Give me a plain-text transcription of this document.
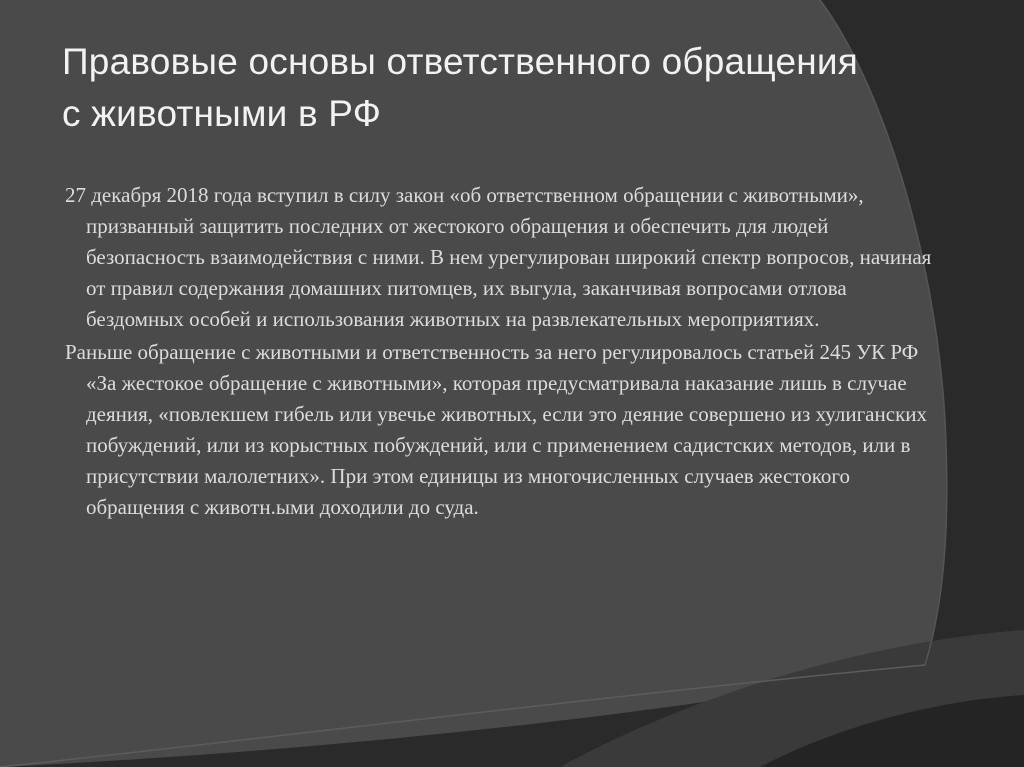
Правовые основы ответственного обращения
с животными в РФ

27 декабря 2018 года вступил в силу закон «об ответственном обращении с животными», призванный защитить последних от жестокого обращения и обеспечить для людей безопасность взаимодействия с ними. В нем урегулирован широкий спектр вопросов, начиная от правил содержания домашних питомцев, их выгула, заканчивая вопросами отлова бездомных особей и использования животных на развлекательных мероприятиях.

Раньше обращение с животными и ответственность за него регулировалось статьей 245 УК РФ «За жестокое обращение с животными», которая предусматривала наказание лишь в случае деяния, «повлекшем гибель или увечье животных, если это деяние совершено из хулиганских побуждений, или из корыстных побуждений, или с применением садистских методов, или в присутствии малолетних». При этом единицы из многочисленных случаев жестокого обращения с животн.ыми доходили до суда.
